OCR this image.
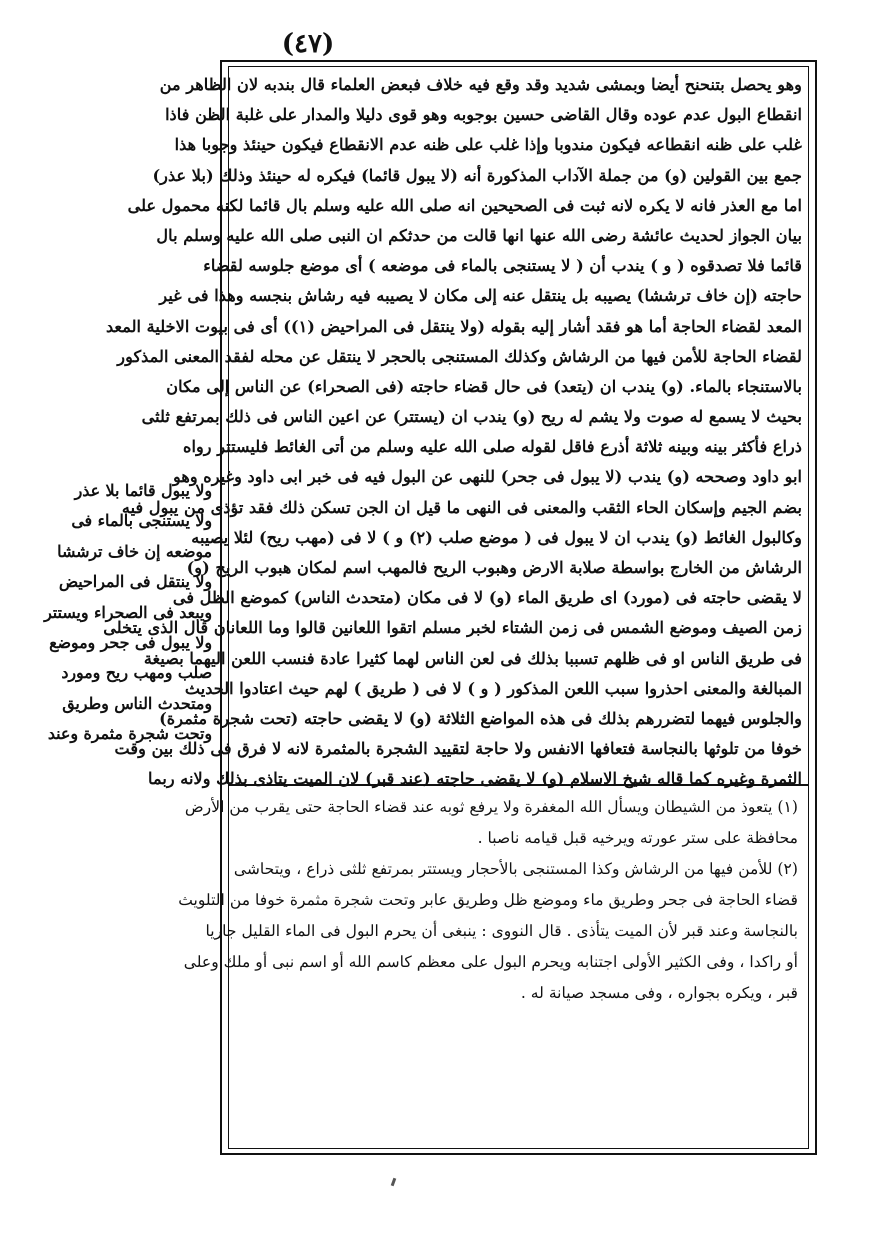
(٤٧)
وهو يحصل بتنحنح أيضا وبمشى شديد وقد وقع فيه خلاف فبعض العلماء قال بندبه لان الظاهر من
انقطاع البول عدم عوده وقال القاضى حسين بوجوبه وهو قوى دليلا والمدار على غلبة الظن فاذا
غلب على ظنه انقطاعه فيكون مندوبا وإذا غلب على ظنه عدم الانقطاع فيكون حينئذ وجوبا هذا
جمع بين القولين (و) من جملة الآداب المذكورة أنه (لا يبول قائما) فيكره له حينئذ وذلك (بلا عذر)
اما مع العذر فانه لا يكره لانه ثبت فى الصحيحين انه صلى الله عليه وسلم بال قائما لكنه محمول على
بيان الجواز لحديث عائشة رضى الله عنها انها قالت من حدثكم ان النبى صلى الله عليه وسلم بال
قائما فلا تصدقوه ( و ) يندب أن ( لا يستنجى بالماء فى موضعه ) أى موضع جلوسه لقضاء
حاجته (إن خاف ترششا) يصيبه بل ينتقل عنه إلى مكان لا يصيبه فيه رشاش بنجسه وهذا فى غير
المعد لقضاء الحاجة أما هو فقد أشار إليه بقوله (ولا ينتقل فى المراحيض (١)) أى فى بيوت الاخلية المعد
لقضاء الحاجة للأمن فيها من الرشاش وكذلك المستنجى بالحجر لا ينتقل عن محله لفقد المعنى المذكور
بالاستنجاء بالماء. (و) يندب ان (يتعد) فى حال قضاء حاجته (فى الصحراء) عن الناس إلى مكان
بحيث لا يسمع له صوت ولا يشم له ريح (و) يندب ان (يستتر) عن اعين الناس فى ذلك بمرتفع ثلثى
ذراع فأكثر بينه وبينه ثلاثة أذرع فاقل لقوله صلى الله عليه وسلم من أتى الغائط فليستتر رواه
ابو داود وصححه (و) يندب (لا يبول فى جحر) للنهى عن البول فيه فى خبر ابى داود وغيره وهو
بضم الجيم وإسكان الحاء الثقب والمعنى فى النهى ما قيل ان الجن تسكن ذلك فقد تؤذى من يبول فيه
وكالبول الغائط (و) يندب ان لا يبول فى ( موضع صلب (٢) و ) لا فى (مهب ريح) لئلا يصيبه
الرشاش من الخارج بواسطة صلابة الارض وهبوب الريح فالمهب اسم لمكان هبوب الريح (و)
لا يقضى حاجته فى (مورد) اى طريق الماء (و) لا فى مكان (متحدث الناس) كموضع الظل فى
زمن الصيف وموضع الشمس فى زمن الشتاء لخبر مسلم اتقوا اللعانين قالوا وما اللعانان قال الذى يتخلى
فى طريق الناس او فى ظلهم تسببا بذلك فى لعن الناس لهما كثيرا عادة فنسب اللعن اليهما بصيغة
المبالغة والمعنى احذروا سبب اللعن المذكور ( و ) لا فى ( طريق ) لهم حيث اعتادوا الحديث
والجلوس فيهما لتضررهم بذلك فى هذه المواضع الثلاثة (و) لا يقضى حاجته (تحت شجرة مثمرة)
خوفا من تلوثها بالنجاسة فتعافها الانفس ولا حاجة لتقييد الشجرة بالمثمرة لانه لا فرق فى ذلك بين وقت
الثمرة وغيره كما قاله شيخ الاسلام (و) لا يقضى حاجته (عند قبر) لان الميت يتاذى بذلك ولانه ربما
(١) يتعوذ من الشيطان ويسأل الله المغفرة ولا يرفع ثوبه عند قضاء الحاجة حتى يقرب من الأرض
محافظة على ستر عورته ويرخيه قبل قيامه ناصبا .
(٢) للأمن فيها من الرشاش وكذا المستنجى بالأحجار ويستتر بمرتفع ثلثى ذراع ، ويتحاشى
قضاء الحاجة فى جحر وطريق ماء وموضع ظل وطريق عابر وتحت شجرة مثمرة خوفا من التلويث
بالنجاسة وعند قبر لأن الميت يتأذى . قال النووى : ينبغى أن يحرم البول فى الماء القليل جاريا
أو راكدا ، وفى الكثير الأولى اجتنابه ويحرم البول على معظم كاسم الله أو اسم نبى أو ملك وعلى
قبر ، ويكره بجواره ، وفى مسجد صيانة له .
ولا يبول قائما بلا عذر
ولا يستنجى بالماء فى
موضعه إن خاف ترششا
ولا ينتقل فى المراحيض
ويبعد فى الصحراء ويستتر
ولا يبول فى جحر وموضع
صلب ومهب ريح ومورد
ومتحدث الناس وطريق
وتحت شجرة مثمرة وعند
